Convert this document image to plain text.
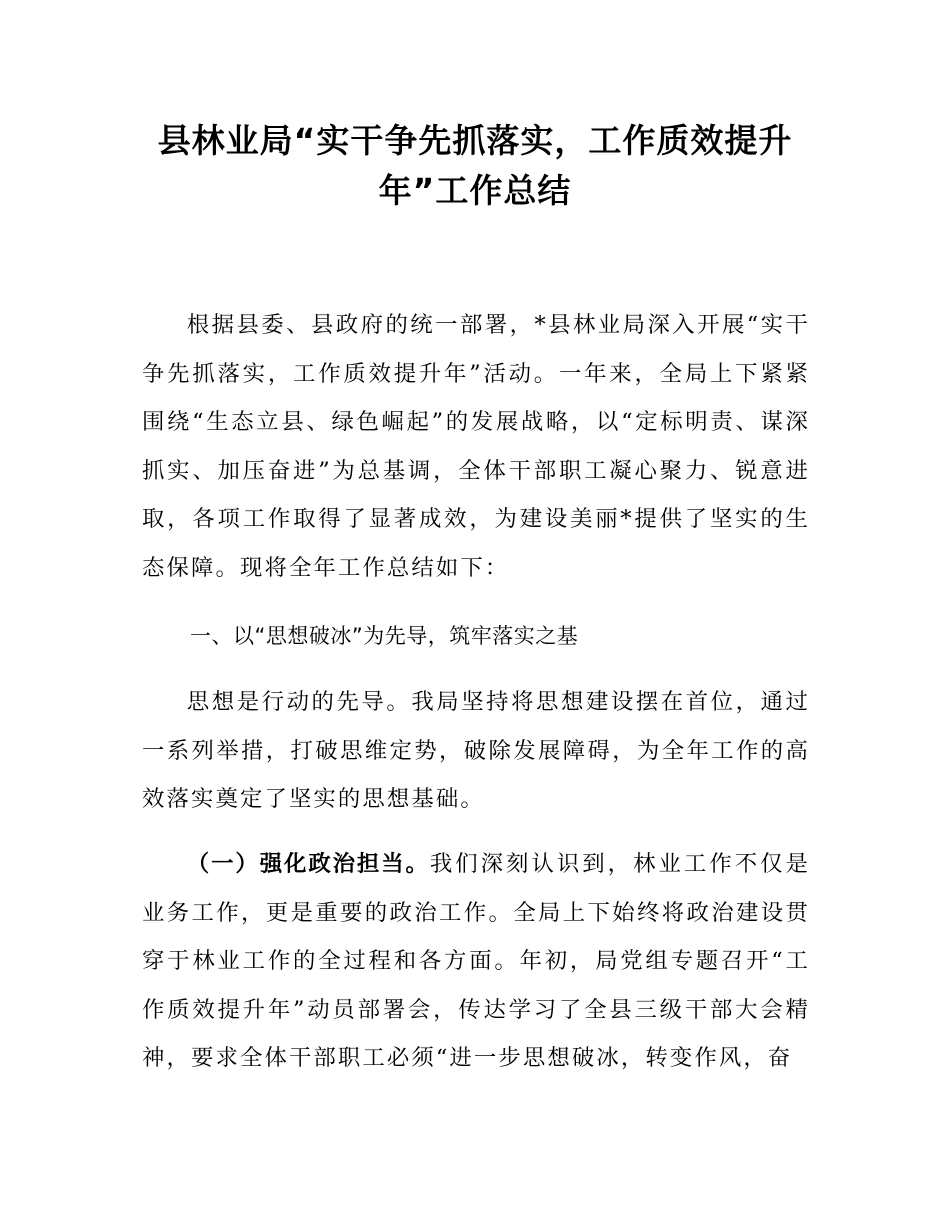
县林业局“实干争先抓落实，工作质效提升年”工作总结

根据县委、县政府的统一部署，*县林业局深入开展“实干争先抓落实，工作质效提升年”活动。一年来，全局上下紧紧围绕“生态立县、绿色崛起”的发展战略，以“定标明责、谋深抓实、加压奋进”为总基调，全体干部职工凝心聚力、锐意进取，各项工作取得了显著成效，为建设美丽*提供了坚实的生态保障。现将全年工作总结如下：

一、以“思想破冰”为先导，筑牢落实之基

思想是行动的先导。我局坚持将思想建设摆在首位，通过一系列举措，打破思维定势，破除发展障碍，为全年工作的高效落实奠定了坚实的思想基础。

（一）强化政治担当。我们深刻认识到，林业工作不仅是业务工作，更是重要的政治工作。全局上下始终将政治建设贯穿于林业工作的全过程和各方面。年初，局党组专题召开“工作质效提升年”动员部署会，传达学习了全县三级干部大会精神，要求全体干部职工必须“进一步思想破冰，转变作风，奋
